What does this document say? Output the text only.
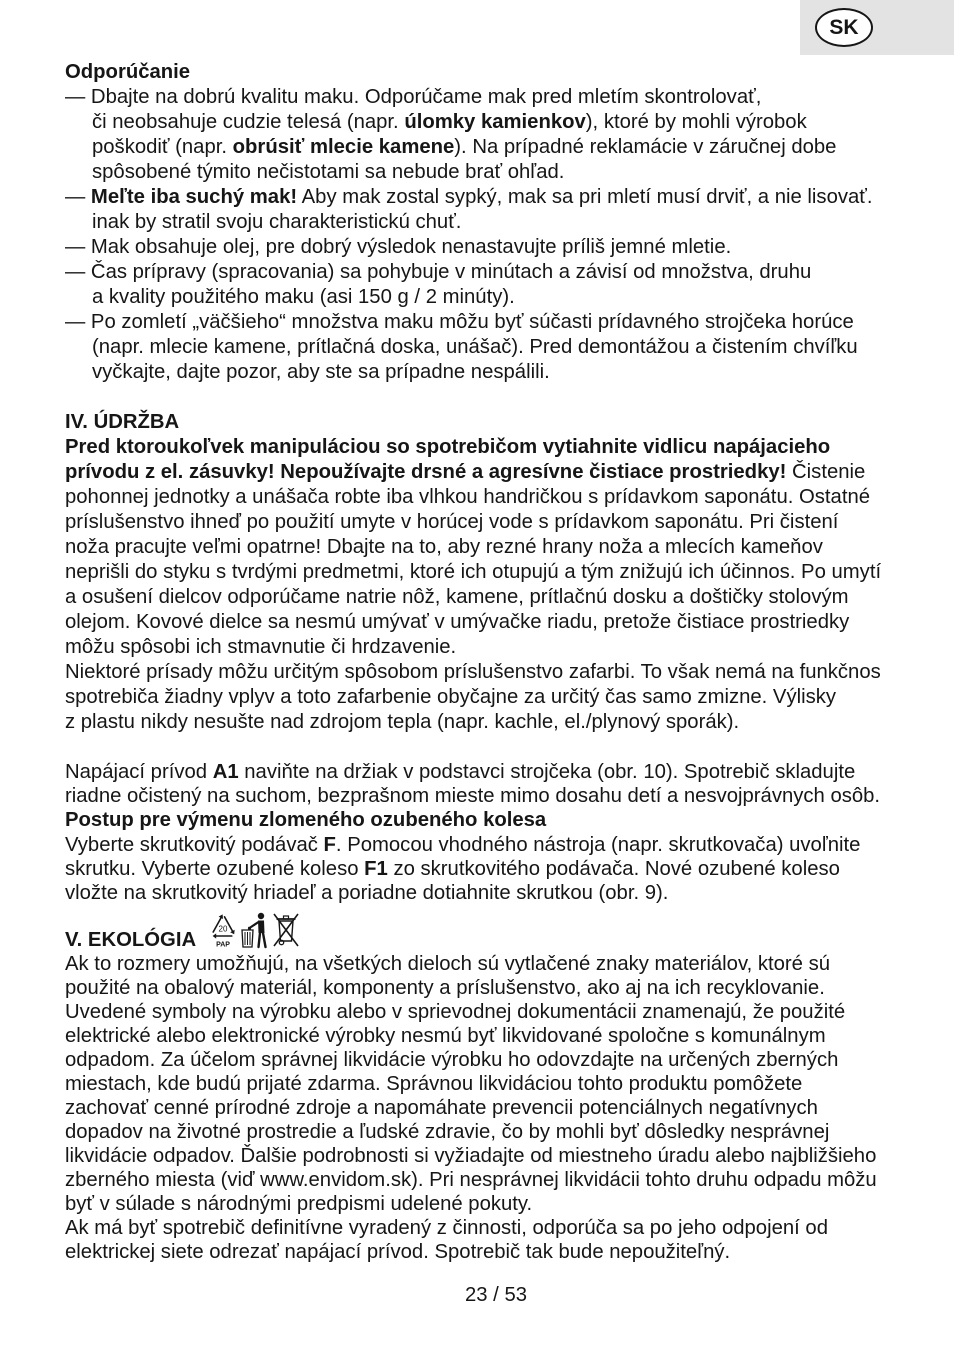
SK
Odporúčanie
— Dbajte na dobrú kvalitu maku. Odporúčame mak pred mletím skontrolovať,
či neobsahuje cudzie telesá (napr. úlomky kamienkov), ktoré by mohli výrobok
poškodiť (napr. obrúsiť mlecie kamene). Na prípadné reklamácie v záručnej dobe
spôsobené týmito nečistotami sa nebude brať ohľad.
— Meľte iba suchý mak! Aby mak zostal sypký, mak sa pri mletí musí drviť, a nie lisovať.
inak by stratil svoju charakteristickú chuť.
— Mak obsahuje olej, pre dobrý výsledok nenastavujte príliš jemné mletie.
— Čas prípravy (spracovania) sa pohybuje v minútach a závisí od množstva, druhu
a kvality použitého maku (asi 150 g / 2 minúty).
— Po zomletí „väčšieho“ množstva maku môžu byť súčasti prídavného strojčeka horúce
(napr. mlecie kamene, prítlačná doska, unášač). Pred demontážou a čistením chvíľku
vyčkajte, dajte pozor, aby ste sa prípadne nespálili.
IV. ÚDRŽBA
Pred ktoroukoľvek manipuláciou so spotrebičom vytiahnite vidlicu napájacieho
prívodu z el. zásuvky! Nepoužívajte drsné a agresívne čistiace prostriedky! Čistenie
pohonnej jednotky a unášača robte iba vlhkou handričkou s prídavkom saponátu. Ostatné
príslušenstvo ihneď po použití umyte v horúcej vode s prídavkom saponátu. Pri čistení
noža pracujte veľmi opatrne! Dbajte na to, aby rezné hrany noža a mlecích kameňov
neprišli do styku s tvrdými predmetmi, ktoré ich otupujú a tým znižujú ich účinnos. Po umytí
a osušení dielcov odporúčame natrie nôž, kamene, prítlačnú dosku a doštičky stolovým
olejom. Kovové dielce sa nesmú umývať v umývačke riadu, pretože čistiace prostriedky
môžu spôsobi ich stmavnutie či hrdzavenie.
Niektoré prísady môžu určitým spôsobom príslušenstvo zafarbi. To však nemá na funkčnos
spotrebiča žiadny vplyv a toto zafarbenie obyčajne za určitý čas samo zmizne. Výlisky
z plastu nikdy nesušte nad zdrojom tepla (napr. kachle, el./plynový sporák).
Napájací prívod A1 naviňte na držiak v podstavci strojčeka (obr. 10). Spotrebič skladujte
riadne očistený na suchom, bezprašnom mieste mimo dosahu detí a nesvojprávnych osôb.
Postup pre výmenu zlomeného ozubeného kolesa
Vyberte skrutkovitý podávač F. Pomocou vhodného nástroja (napr. skrutkovača) uvoľnite
skrutku. Vyberte ozubené koleso F1 zo skrutkovitého podávača. Nové ozubené koleso
vložte na skrutkovitý hriadeľ a poriadne dotiahnite skrutkou (obr. 9).
V. EKOLÓGIA
Ak to rozmery umožňujú, na všetkých dieloch sú vytlačené znaky materiálov, ktoré sú
použité na obalový materiál, komponenty a príslušenstvo, ako aj na ich recyklovanie.
Uvedené symboly na výrobku alebo v sprievodnej dokumentácii znamenajú, že použité
elektrické alebo elektronické výrobky nesmú byť likvidované spoločne s komunálnym
odpadom. Za účelom správnej likvidácie výrobku ho odovzdajte na určených zberných
miestach, kde budú prijaté zdarma. Správnou likvidáciou tohto produktu pomôžete
zachovať cenné prírodné zdroje a napomáhate prevencii potenciálnych negatívnych
dopadov na životné prostredie a ľudské zdravie, čo by mohli byť dôsledky nesprávnej
likvidácie odpadov. Ďalšie podrobnosti si vyžiadajte od miestneho úradu alebo najbližšieho
zberného miesta (viď www.envidom.sk). Pri nesprávnej likvidácii tohto druhu odpadu môžu
byť v súlade s národnými predpismi udelené pokuty.
Ak má byť spotrebič definitívne vyradený z činnosti, odporúča sa po jeho odpojení od
elektrickej siete odrezať napájací prívod. Spotrebič tak bude nepoužiteľný.
20
PAP
23 / 53
